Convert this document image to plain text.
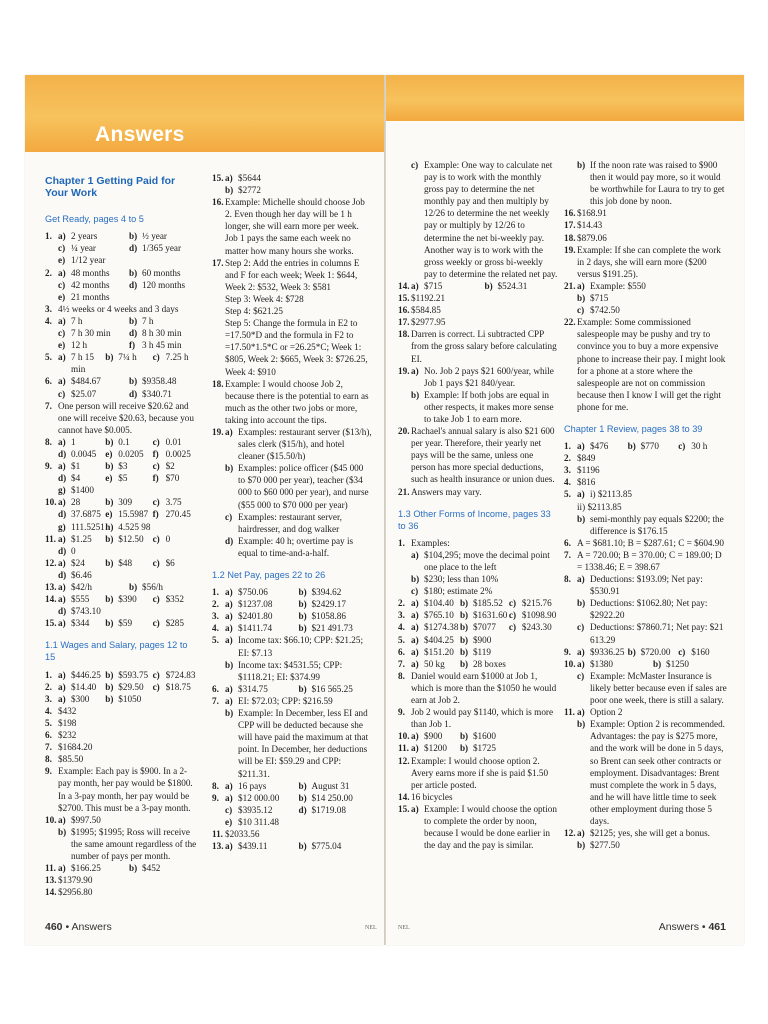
Answers
Chapter 1 Getting Paid for Your Work
Get Ready, pages 4 to 5
1. a) 2 years	b) ½ year
c) ¼ year	d) 1/365 year
e) 1/12 year
2. a) 48 months b) 60 months
c) 42 months d) 120 months
e) 21 months
3. 4½ weeks or 4 weeks and 3 days
4. a) 7 h	b) 7 h
c) 7 h 30 min d) 8 h 30 min
e) 12 h	f) 3 h 45 min
5. a) 7 h 15 min
b) 7¼ h c) 7.25 h
6. a) $484.67	b) $9358.48
c) $25.07	d) $340.71
7. One person will receive $20.62 and one will receive $20.63, because you cannot have $0.005.
8. a) 1	b) 0.1 c) 0.01
d) 0.0045 e) 0.0205 f) 0.0025
9. a) $1	b) $3	c) $2
d) $4	e) $5	f) $70
g) $1400
10. a) 28	b) 309 c) 3.75
d) 37.6875 e) 15.5987 f) 270.45
g) 111.5251 h) 4.525 98
11. a) $1.25 b) $12.50 c) 0
d) 0
12. a) $24 b) $48 c) $6
d) $6.46
13. a) $42/h	b) $56/h
14. a) $555 b) $390 c) $352
d) $743.10
15. a) $344 b) $59 c) $285
1.1 Wages and Salary, pages 12 to 15
1. a) $446.25 b) $593.75 c) $724.83
2. a) $14.40 b) $29.50 c) $18.75
3. a) $300 b) $1050
4. $432
5. $198
6. $232
7. $1684.20
8. $85.50
9. Example: Each pay is $900. In a 2-pay month, her pay would be $1800. In a 3-pay month, her pay would be $2700. This must be a 3-pay month.
10. a) $997.50
b) $1995; $1995; Ross will receive the same amount regardless of the number of pays per month.
11. a) $166.25	b) $452
13. $1379.90
14. $2956.80
15. a) $5644
b) $2772
16. Example: Michelle should choose Job 2. Even though her day will be 1 h longer, she will earn more per week. Job 1 pays the same each week no matter how many hours she works.
17. Step 2: Add the entries in columns E and F for each week; Week 1: $644, Week 2: $532, Week 3: $581
Step 3: Week 4: $728
Step 4: $621.25
Step 5: Change the formula in E2 to =17.50*D and the formula in F2 to =17.50*1.5*C or =26.25*C; Week 1: $805, Week 2: $665, Week 3: $726.25, Week 4: $910
18. Example: I would choose Job 2, because there is the potential to earn as much as the other two jobs or more, taking into account the tips.
19. a) Examples: restaurant server ($13/h), sales clerk ($15/h), and hotel cleaner ($15.50/h)
b) Examples: police officer ($45 000 to $70 000 per year), teacher ($34 000 to $60 000 per year), and nurse ($55 000 to $70 000 per year)
c) Examples: restaurant server, hairdresser, and dog walker
d) Example: 40 h; overtime pay is equal to time-and-a-half.
1.2 Net Pay, pages 22 to 26
1. a) $750.06	b) $394.62
2. a) $1237.08	b) $2429.17
3. a) $2401.80	b) $1058.86
4. a) $1411.74	b) $21 491.73
5. a) Income tax: $66.10; CPP: $21.25; EI: $7.13
b) Income tax: $4531.55; CPP: $1118.21; EI: $374.99
6. a) $314.75	b) $16 565.25
7. a) EI: $72.03; CPP: $216.59
b) Example: In December, less EI and CPP will be deducted because she will have paid the maximum at that point. In December, her deductions will be EI: $59.29 and CPP: $211.31.
8. a) 16 pays	b) August 31
9. a) $12 000.00 b) $14 250.00
c) $3935.12	d) $1719.08
e) $10 311.48
11. $2033.56
13. a) $439.11	b) $775.04
460 • Answers	NEL
c) Example: One way to calculate net pay is to work with the monthly gross pay to determine the net monthly pay and then multiply by 12/26 to determine the net weekly pay or multiply by 12/26 to determine the net bi-weekly pay. Another way is to work with the gross weekly or gross bi-weekly pay to determine the related net pay.
14. a) $715	b) $524.31
15. $1192.21
16. $584.85
17. $2977.95
18. Darren is correct. Li subtracted CPP from the gross salary before calculating EI.
19. a) No. Job 2 pays $21 600/year, while Job 1 pays $21 840/year.
b) Example: If both jobs are equal in other respects, it makes more sense to take Job 1 to earn more.
20. Rachael's annual salary is also $21 600 per year. Therefore, their yearly net pays will be the same, unless one person has more special deductions, such as health insurance or union dues.
21. Answers may vary.
1.3 Other Forms of Income, pages 33 to 36
1. Examples:
a) $104,295; move the decimal point one place to the left
b) $230; less than 10%
c) $180; estimate 2%
2. a) $104.40 b) $185.52 c) $215.76
3. a) $765.10 b) $1631.60 c) $1098.90
4. a) $1274.38 b) $7077 c) $243.30
5. a) $404.25 b) $900
6. a) $151.20 b) $119
7. a) 50 kg b) 28 boxes
8. Daniel would earn $1000 at Job 1, which is more than the $1050 he would earn at Job 2.
9. Job 2 would pay $1140, which is more than Job 1.
10. a) $900 b) $1600
11. a) $1200 b) $1725
12. Example: I would choose option 2. Avery earns more if she is paid $1.50 per article posted.
14. 16 bicycles
15. a) Example: I would choose the option to complete the order by noon, because I would be done earlier in the day and the pay is similar.
b) If the noon rate was raised to $900 then it would pay more, so it would be worthwhile for Laura to try to get this job done by noon.
16. $168.91
17. $14.43
18. $879.06
19. Example: If she can complete the work in 2 days, she will earn more ($200 versus $191.25).
21. a) Example: $550
b) $715
c) $742.50
22. Example: Some commissioned salespeople may be pushy and try to convince you to buy a more expensive phone to increase their pay. I might look for a phone at a store where the salespeople are not on commission because then I know I will get the right phone for me.
Chapter 1 Review, pages 38 to 39
1. a) $476 b) $770 c) 30 h
2. $849
3. $1196
4. $816
5. a) i) $2113.85
ii) $2113.85
b) semi-monthly pay equals $2200; the difference is $176.15
6. A = $681.10; B = $287.61; C = $604.90
7. A = 720.00; B = 370.00; C = 189.00; D = 1338.46; E = 398.67
8. a) Deductions: $193.09; Net pay: $530.91
b) Deductions: $1062.80; Net pay: $2922.20
c) Deductions: $7860.71; Net pay: $21 613.29
9. a) $9336.25 b) $720.00 c) $160
10. a) $1380	b) $1250
c) Example: McMaster Insurance is likely better because even if sales are poor one week, there is still a salary.
11. a) Option 2
b) Example: Option 2 is recommended. Advantages: the pay is $275 more, and the work will be done in 5 days, so Brent can seek other contracts or employment. Disadvantages: Brent must complete the work in 5 days, and he will have little time to seek other employment during those 5 days.
12. a) $2125; yes, she will get a bonus.
b) $277.50
Answers • 461
NEL
